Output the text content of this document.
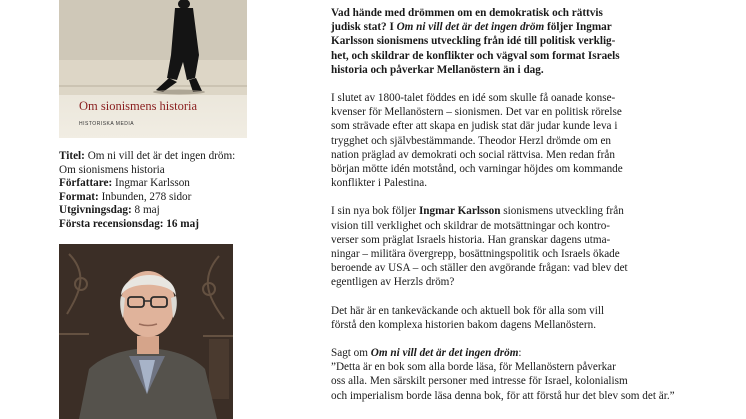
Om sionismens historia
HISTORISKA MEDIA
Titel: Om ni vill det är det ingen dröm:
Om sionismens historia
Författare: Ingmar Karlsson
Format: Inbunden, 278 sidor
Utgivningsdag: 8 maj
Första recensionsdag: 16 maj

Vad hände med drömmen om en demokratisk och rättvis
judisk stat? I Om ni vill det är det ingen dröm följer Ingmar
Karlsson sionismens utveckling från idé till politisk verklig-
het, och skildrar de konflikter och vägval som format Israels
historia och påverkar Mellanöstern än i dag.

I slutet av 1800-talet föddes en idé som skulle få oanade konse-
kvenser för Mellanöstern – sionismen. Det var en politisk rörelse
som strävade efter att skapa en judisk stat där judar kunde leva i
trygghet och självbestämmande. Theodor Herzl drömde om en
nation präglad av demokrati och social rättvisa. Men redan från
början mötte idén motstånd, och varningar höjdes om kommande
konflikter i Palestina.

I sin nya bok följer Ingmar Karlsson sionismens utveckling från
vision till verklighet och skildrar de motsättningar och kontro-
verser som präglat Israels historia. Han granskar dagens utma-
ningar – militära övergrepp, bosättningspolitik och Israels ökade
beroende av USA – och ställer den avgörande frågan: vad blev det
egentligen av Herzls dröm?

Det här är en tankeväckande och aktuell bok för alla som vill
förstå den komplexa historien bakom dagens Mellanöstern.

Sagt om Om ni vill det är det ingen dröm:
”Detta är en bok som alla borde läsa, för Mellanöstern påverkar
oss alla. Men särskilt personer med intresse för Israel, kolonialism
och imperialism borde läsa denna bok, för att förstå hur det blev som det är.”
